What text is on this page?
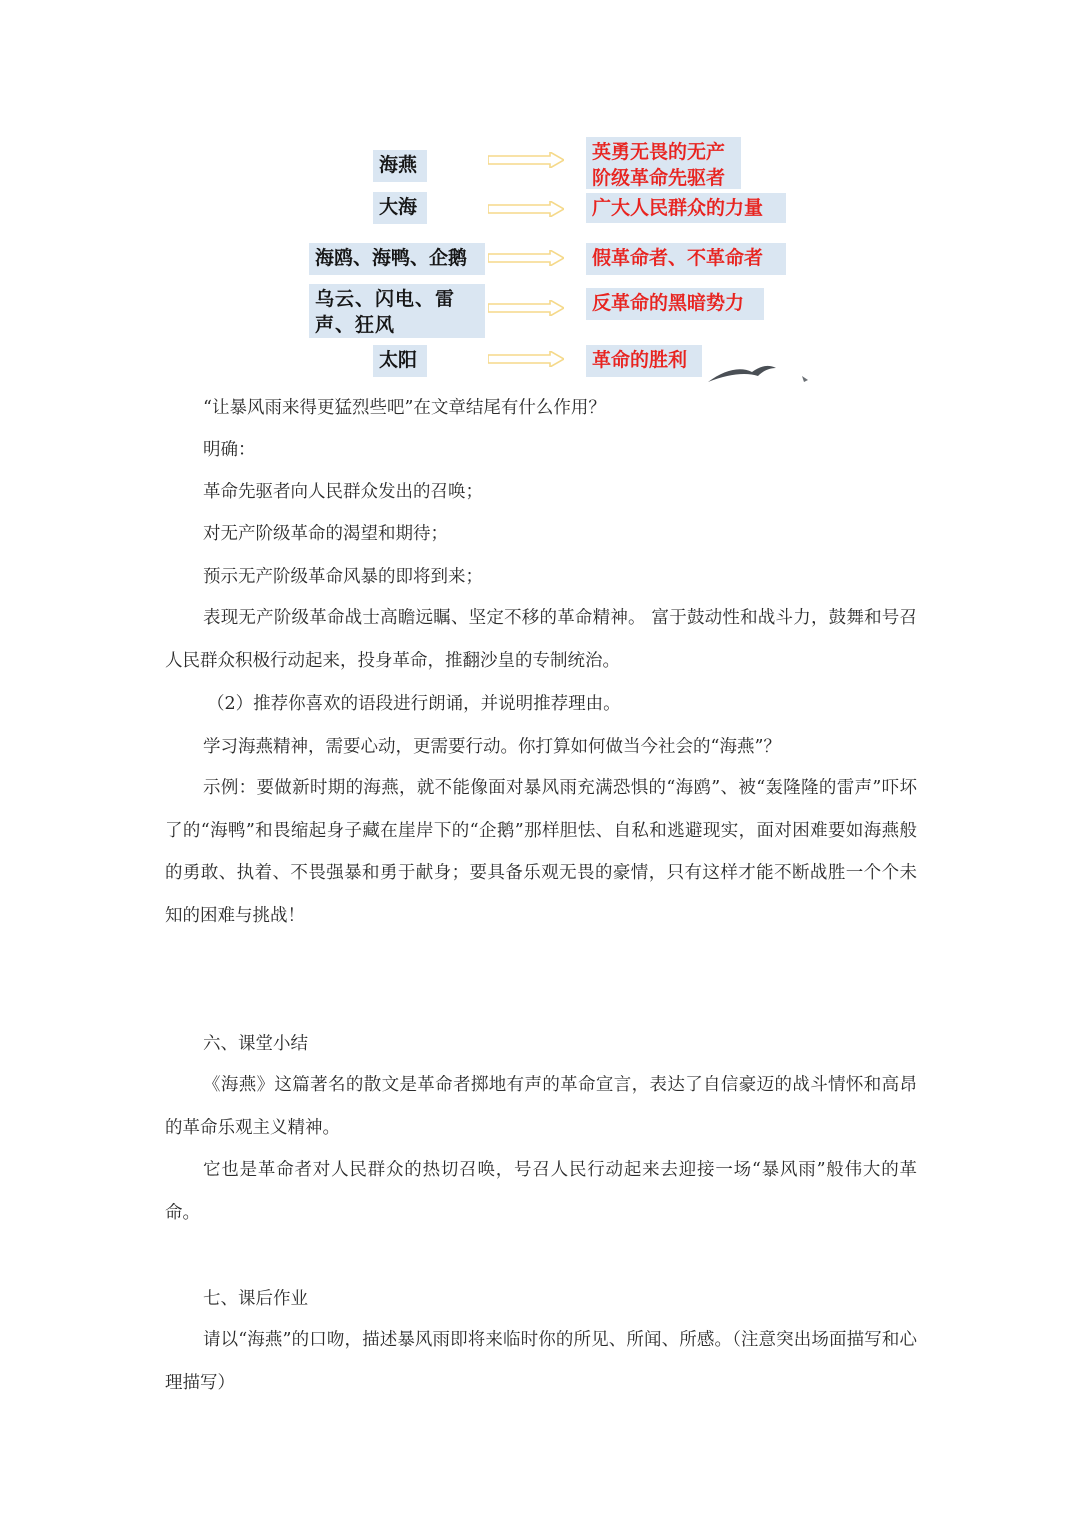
海燕
大海
海鸥、海鸭、企鹅
乌云、闪电、雷声、狂风
太阳
英勇无畏的无产阶级革命先驱者
广大人民群众的力量
假革命者、不革命者
反革命的黑暗势力
革命的胜利
“让暴风雨来得更猛烈些吧”在文章结尾有什么作用？
明确：
革命先驱者向人民群众发出的召唤；
对无产阶级革命的渴望和期待；
预示无产阶级革命风暴的即将到来；
表现无产阶级革命战士高瞻远瞩、坚定不移的革命精神。 富于鼓动性和战斗力，鼓舞和号召人民群众积极行动起来，投身革命，推翻沙皇的专制统治。
（2）推荐你喜欢的语段进行朗诵，并说明推荐理由。
学习海燕精神，需要心动，更需要行动。你打算如何做当今社会的“海燕”？
示例：要做新时期的海燕，就不能像面对暴风雨充满恐惧的“海鸥”、被“轰隆隆的雷声”吓坏了的“海鸭”和畏缩起身子藏在崖岸下的“企鹅”那样胆怯、自私和逃避现实，面对困难要如海燕般的勇敢、执着、不畏强暴和勇于献身；要具备乐观无畏的豪情，只有这样才能不断战胜一个个未知的困难与挑战！
六、课堂小结
《海燕》这篇著名的散文是革命者掷地有声的革命宣言，表达了自信豪迈的战斗情怀和高昂的革命乐观主义精神。
它也是革命者对人民群众的热切召唤，号召人民行动起来去迎接一场“暴风雨”般伟大的革命。
七、课后作业
请以“海燕”的口吻，描述暴风雨即将来临时你的所见、所闻、所感。（注意突出场面描写和心理描写）
